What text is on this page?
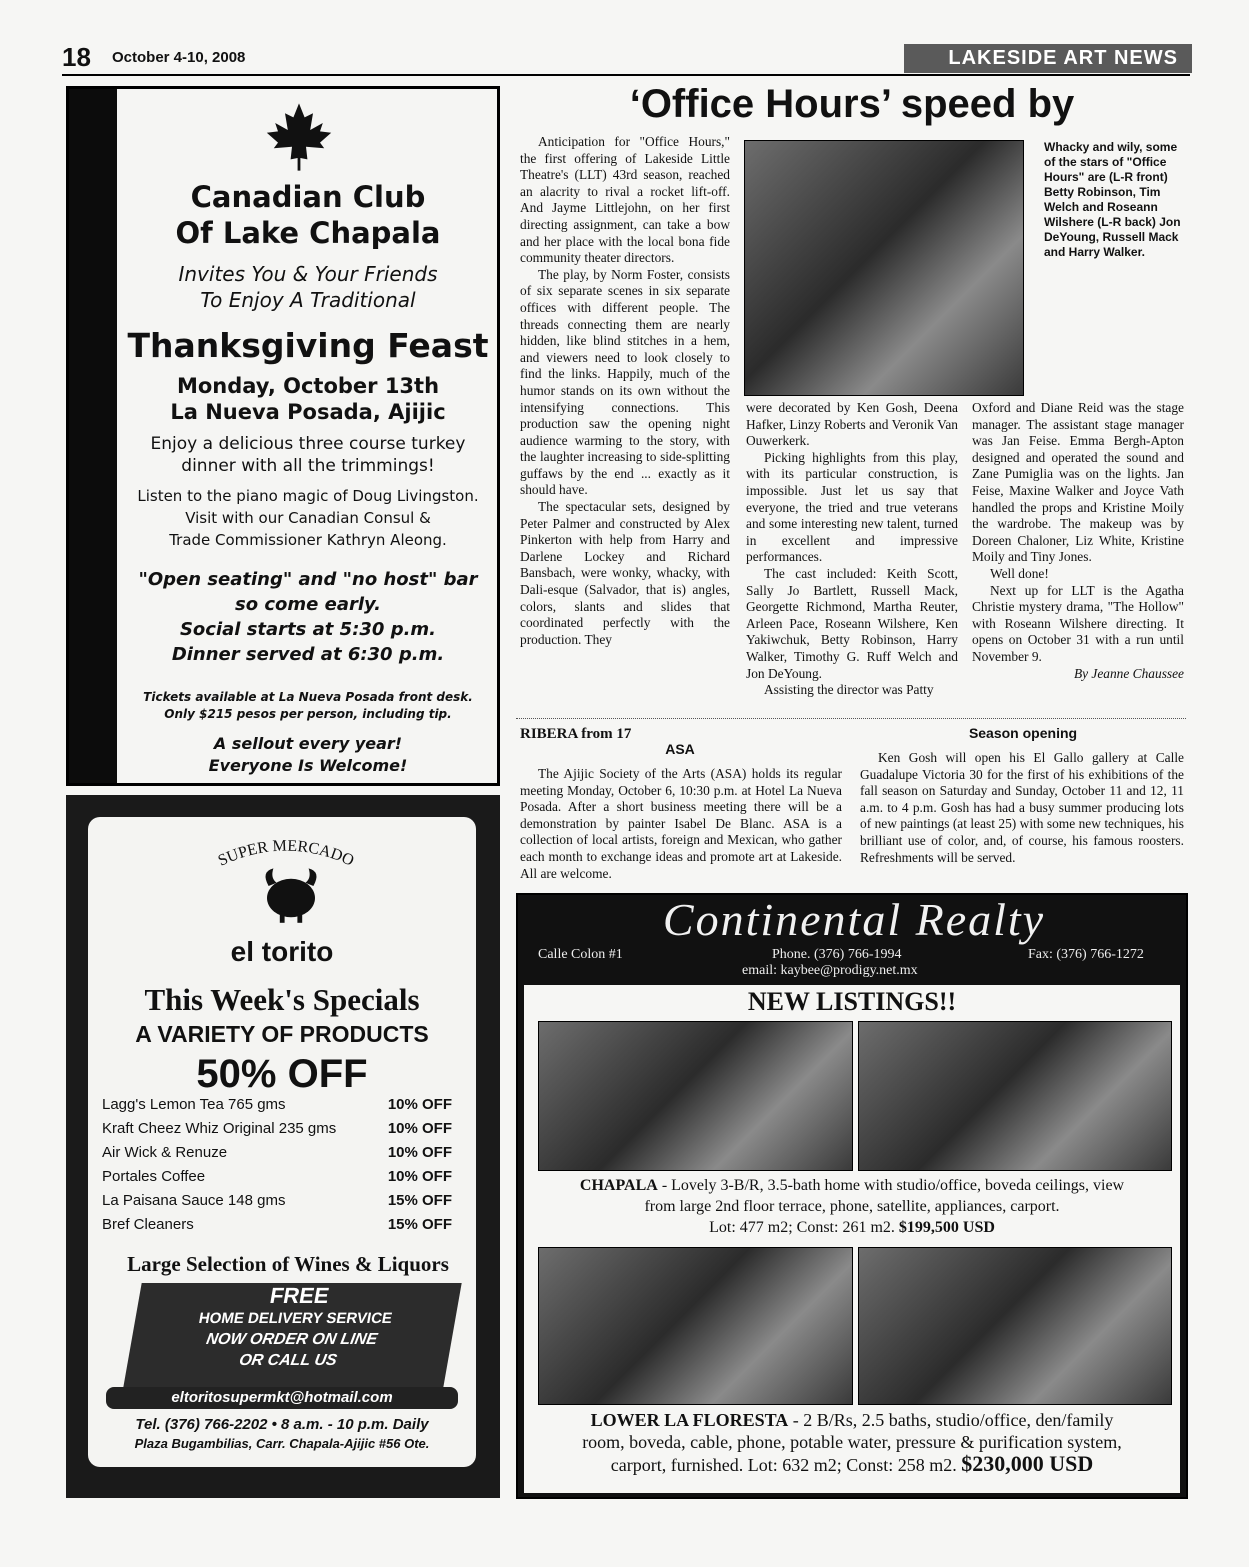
18 October 4-10, 2008	LAKESIDE ART NEWS
Canadian Club
Of Lake Chapala
Invites You & Your Friends
To Enjoy A Traditional
Thanksgiving Feast
Monday, October 13th
La Nueva Posada, Ajijic
Enjoy a delicious three course turkey
dinner with all the trimmings!
Listen to the piano magic of Doug Livingston.
Visit with our Canadian Consul &
Trade Commissioner Kathryn Aleong.
"Open seating" and "no host" bar
so come early.
Social starts at 5:30 p.m.
Dinner served at 6:30 p.m.
Tickets available at La Nueva Posada front desk.
Only $215 pesos per person, including tip.
A sellout every year!
Everyone Is Welcome!
SUPER MERCADO
el torito
This Week's Specials
A VARIETY OF PRODUCTS
50% OFF
Lagg's Lemon Tea 765 gms	10% OFF
Kraft Cheez Whiz Original 235 gms	10% OFF
Air Wick & Renuze	10% OFF
Portales Coffee	10% OFF
La Paisana Sauce 148 gms	15% OFF
Bref Cleaners	15% OFF
Large Selection of Wines & Liquors
FREE
HOME DELIVERY SERVICE
NOW ORDER ON LINE
OR CALL US
eltoritosupermkt@hotmail.com
Tel. (376) 766-2202 • 8 a.m. - 10 p.m. Daily
Plaza Bugambilias, Carr. Chapala-Ajijic #56 Ote.
‘Office Hours’ speed by

Anticipation for "Office Hours," the first offering of Lakeside Little Theatre's (LLT) 43rd season, reached an alacrity to rival a rocket lift-off. And Jayme Littlejohn, on her first directing assignment, can take a bow and her place with the local bona fide community theater directors.

The play, by Norm Foster, consists of six separate scenes in six separate offices with different people. The threads connecting them are nearly hidden, like blind stitches in a hem, and viewers need to look closely to find the links. Happily, much of the humor stands on its own without the intensifying connections. This production saw the opening night audience warming to the story, with the laughter increasing to side-splitting guffaws by the end ... exactly as it should have.

The spectacular sets, designed by Peter Palmer and constructed by Alex Pinkerton with help from Harry and Darlene Lockey and Richard Bansbach, were wonky, whacky, with Dali-esque (Salvador, that is) angles, colors, slants and slides that coordinated perfectly with the production. They

Whacky and wily, some of the stars of "Office Hours" are (L-R front) Betty Robinson, Tim Welch and Roseann Wilshere (L-R back) Jon DeYoung, Russell Mack and Harry Walker.

were decorated by Ken Gosh, Deena Hafker, Linzy Roberts and Veronik Van Ouwerkerk.

Picking highlights from this play, with its particular construction, is impossible. Just let us say that everyone, the tried and true veterans and some interesting new talent, turned in excellent and impressive performances.

The cast included: Keith Scott, Sally Jo Bartlett, Russell Mack, Georgette Richmond, Martha Reuter, Arleen Pace, Roseann Wilshere, Ken Yakiwchuk, Betty Robinson, Harry Walker, Timothy G. Ruff Welch and Jon DeYoung.

Assisting the director was Patty

Oxford and Diane Reid was the stage manager. The assistant stage manager was Jan Feise. Emma Bergh-Apton designed and operated the sound and Zane Pumiglia was on the lights. Jan Feise, Maxine Walker and Joyce Vath handled the props and Kristine Moily the wardrobe. The makeup was by Doreen Chaloner, Liz White, Kristine Moily and Tiny Jones.

Well done!

Next up for LLT is the Agatha Christie mystery drama, "The Hollow" with Roseann Wilshere directing. It opens on October 31 with a run until November 9.

By Jeanne Chaussee
RIBERA from 17
ASA

The Ajijic Society of the Arts (ASA) holds its regular meeting Monday, October 6, 10:30 p.m. at Hotel La Nueva Posada. After a short business meeting there will be a demonstration by painter Isabel De Blanc. ASA is a collection of local artists, foreign and Mexican, who gather each month to exchange ideas and promote art at Lakeside. All are welcome.

Season opening

Ken Gosh will open his El Gallo gallery at Calle Guadalupe Victoria 30 for the first of his exhibitions of the fall season on Saturday and Sunday, October 11 and 12, 11 a.m. to 4 p.m. Gosh has had a busy summer producing lots of new paintings (at least 25) with some new techniques, his brilliant use of color, and, of course, his famous roosters. Refreshments will be served.

Continental Realty
Calle Colon #1	Phone. (376) 766-1994	Fax: (376) 766-1272
email: kaybee@prodigy.net.mx
NEW LISTINGS!!
CHAPALA - Lovely 3-B/R, 3.5-bath home with studio/office, boveda ceilings, view
from large 2nd floor terrace, phone, satellite, appliances, carport.
Lot: 477 m2; Const: 261 m2. $199,500 USD
LOWER LA FLORESTA - 2 B/Rs, 2.5 baths, studio/office, den/family
room, boveda, cable, phone, potable water, pressure & purification system,
carport, furnished. Lot: 632 m2; Const: 258 m2. $230,000 USD
